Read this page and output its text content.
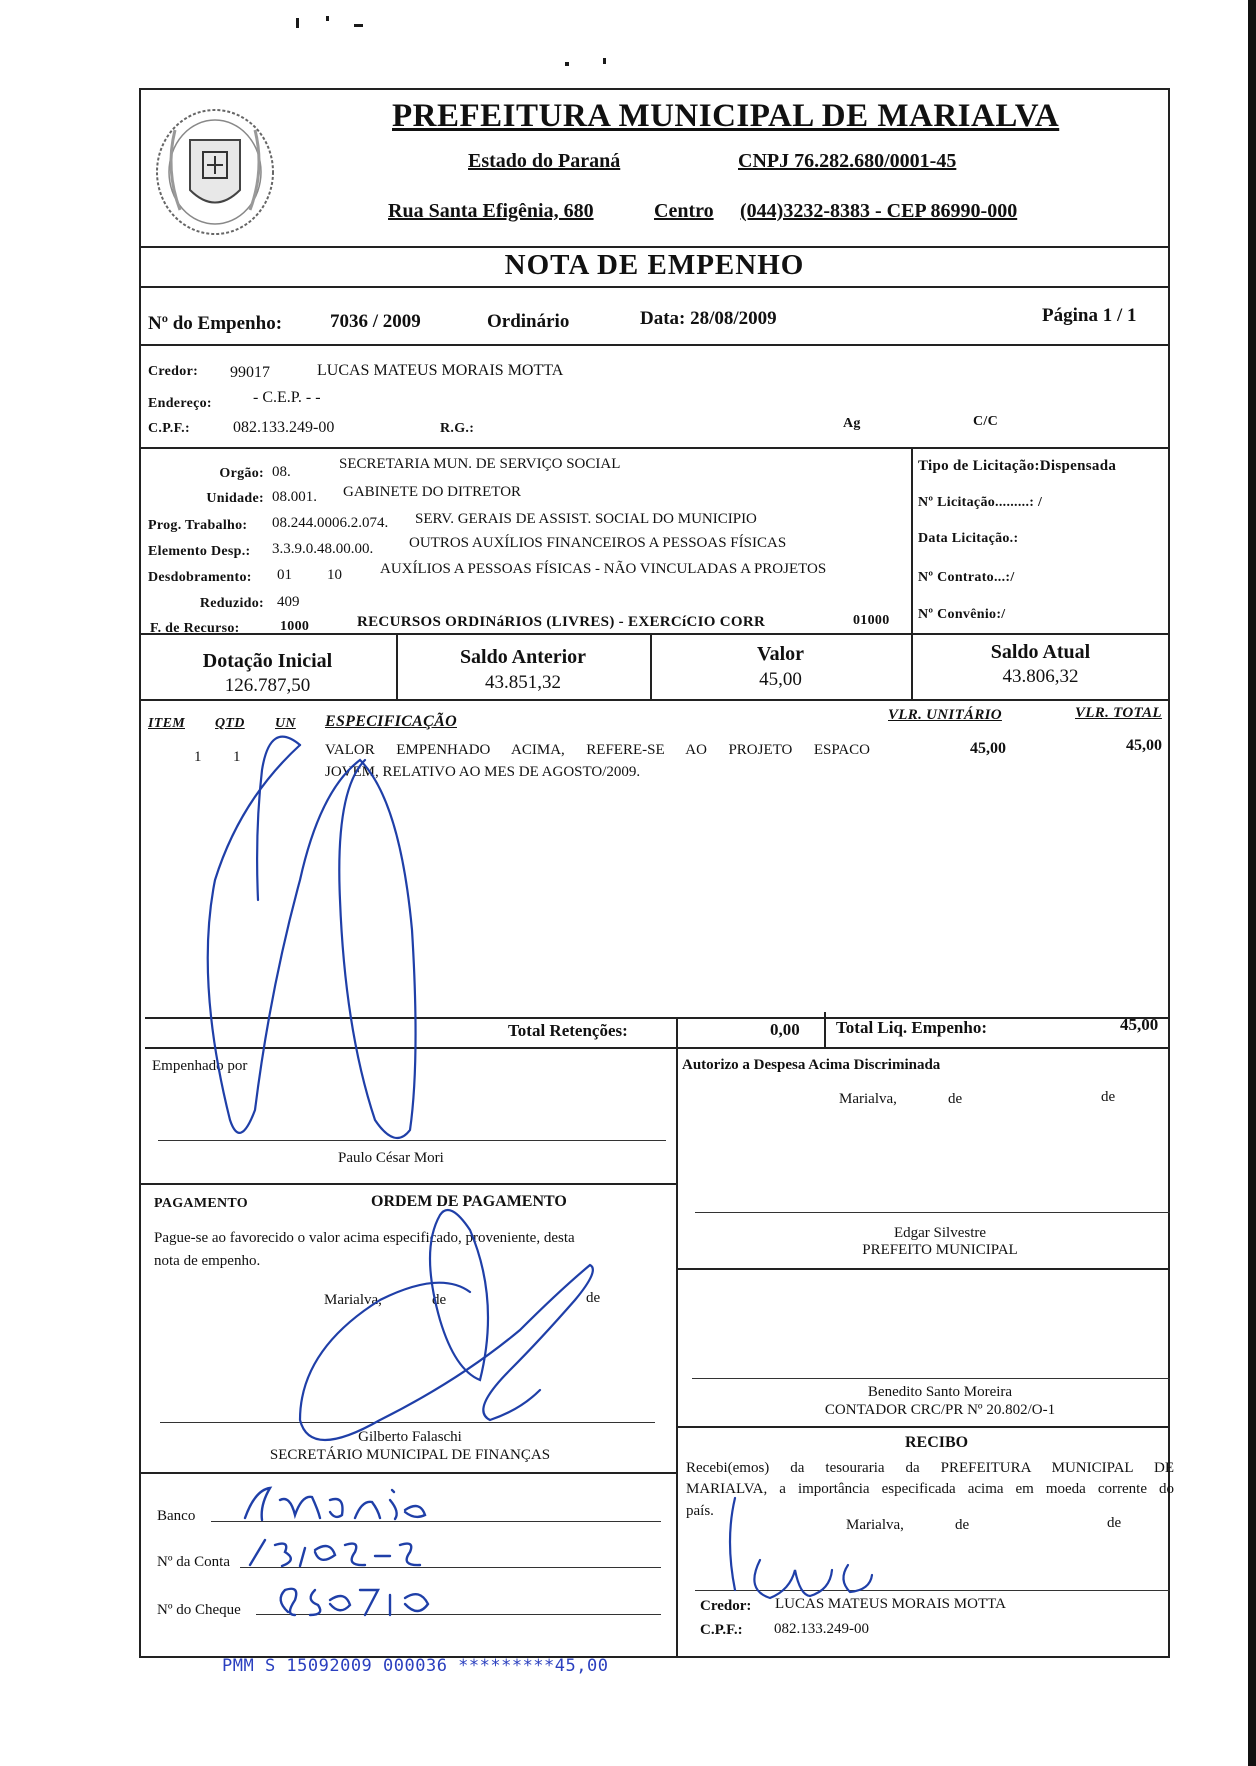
PREFEITURA MUNICIPAL DE MARIALVA
Estado do Paraná	CNPJ 76.282.680/0001-45
Rua Santa Efigênia, 680	Centro (044)3232-8383 - CEP 86990-000
NOTA DE EMPENHO
Nº do Empenho:	7036 / 2009	Ordinário	Data: 28/08/2009	Página 1 / 1
Credor: 99017	LUCAS MATEUS MORAIS MOTTA
Endereço:	- C.E.P. - -
C.P.F.:	082.133.249-00	R.G.:	Ag	C/C
Orgão: 08.	SECRETARIA MUN. DE SERVIÇO SOCIAL
Unidade: 08.001. GABINETE DO DITRETOR
Prog. Trabalho: 08.244.0006.2.074. SERV. GERAIS DE ASSIST. SOCIAL DO MUNICIPIO
Elemento Desp.: 3.3.9.0.48.00.00. OUTROS AUXÍLIOS FINANCEIROS A PESSOAS FÍSICAS
Desdobramento: 01 10	AUXÍLIOS A PESSOAS FÍSICAS - NÃO VINCULADAS A PROJETOS
Reduzido: 409
F. de Recurso:	1000	RECURSOS ORDINáRIOS (LIVRES) - EXERCíCIO CORR	01000
Tipo de Licitação:Dispensada
Nº Licitação.........: /
Data Licitação.:
Nº Contrato...:/
Nº Convênio:/
Dotação Inicial
126.787,50
Saldo Anterior
43.851,32
Valor
45,00
Saldo Atual
43.806,32
ITEM QTD UN ESPECIFICAÇÃO	VLR. UNITÁRIO	VLR. TOTAL
1 1	VALOR EMPENHADO ACIMA, REFERE-SE AO PROJETO ESPACO
JOVEM, RELATIVO AO MES DE AGOSTO/2009.
45,00	45,00
Total Retenções:	0,00 Total Liq. Empenho:	45,00
Empenhado por
Paulo César Mori
Autorizo a Despesa Acima Discriminada
Marialva,	de	de
Edgar Silvestre
PREFEITO MUNICIPAL
PAGAMENTO	ORDEM DE PAGAMENTO
Pague-se ao favorecido o valor acima especificado, proveniente, desta
nota de empenho.
Marialva,	de	de
Gilberto Falaschi
SECRETÁRIO MUNICIPAL DE FINANÇAS
Banco
Nº da Conta
Nº do Cheque
Benedito Santo Moreira
CONTADOR CRC/PR Nº 20.802/O-1
RECIBO
Recebi(emos) da tesouraria da PREFEITURA MUNICIPAL DE
MARIALVA, a importância especificada acima em moeda corrente do
país.
Marialva,	de	de
Credor: LUCAS MATEUS MORAIS MOTTA
C.P.F.: 082.133.249-00
PMM S 15092009 000036 *********45,00
